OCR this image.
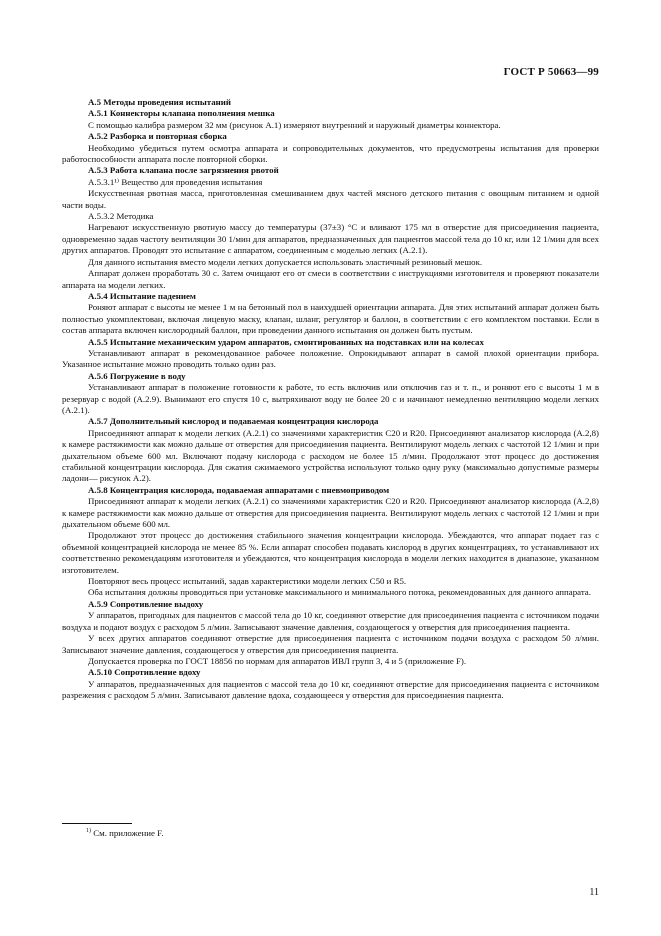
ГОСТ Р 50663—99

А.5 Методы проведения испытаний

А.5.1 Коннекторы клапана пополнения мешка

С помощью калибра размером 32 мм (рисунок А.1) измеряют внутренний и наружный диаметры коннектора.

А.5.2 Разборка и повторная сборка

Необходимо убедиться путем осмотра аппарата и сопроводительных документов, что предусмотрены испытания для проверки работоспособности аппарата после повторной сборки.

А.5.3 Работа клапана после загрязнения рвотой

А.5.3.1¹⁾ Вещество для проведения испытания

Искусственная рвотная масса, приготовленная смешиванием двух частей мясного детского питания с овощным питанием и одной части воды.

А.5.3.2 Методика

Нагревают искусственную рвотную массу до температуры (37±3) °С и вливают 175 мл в отверстие для присоединения пациента, одновременно задав частоту вентиляции 30 1/мин для аппаратов, предназначенных для пациентов массой тела до 10 кг, или 12 1/мин для всех других аппаратов. Проводят это испытание с аппаратом, соединенным с моделью легких (А.2.1).

Для данного испытания вместо модели легких допускается использовать эластичный резиновый мешок.

Аппарат должен проработать 30 с. Затем очищают его от смеси в соответствии с инструкциями изготовителя и проверяют показатели аппарата на модели легких.

А.5.4 Испытание падением

Роняют аппарат с высоты не менее 1 м на бетонный пол в наихудшей ориентации аппарата. Для этих испытаний аппарат должен быть полностью укомплектован, включая лицевую маску, клапан, шланг, регулятор и баллон, в соответствии с его комплектом поставки. Если в состав аппарата включен кислородный баллон, при проведении данного испытания он должен быть пустым.

А.5.5 Испытание механическим ударом аппаратов, смонтированных на подставках или на колесах

Устанавливают аппарат в рекомендованное рабочее положение. Опрокидывают аппарат в самой плохой ориентации прибора. Указанное испытание можно проводить только один раз.

А.5.6 Погружение в воду

Устанавливают аппарат в положение готовности к работе, то есть включив или отключив газ и т. п., и роняют его с высоты 1 м в резервуар с водой (А.2.9). Вынимают его спустя 10 с, вытряхивают воду не более 20 с и начинают немедленно вентиляцию модели легких (А.2.1).

А.5.7 Дополнительный кислород и подаваемая концентрация кислорода

Присоединяют аппарат к модели легких (А.2.1) со значениями характеристик C20 и R20. Присоединяют анализатор кислорода (А.2,8) к камере растяжимости как можно дальше от отверстия для присоединения пациента. Вентилируют модель легких с частотой 12 1/мин и при дыхательном объеме 600 мл. Включают подачу кислорода с расходом не более 15 л/мин. Продолжают этот процесс до достижения стабильной концентрации кислорода. Для сжатия сжимаемого устройства используют только одну руку (максимально допустимые размеры ладони— рисунок А.2).

А.5.8 Концентрация кислорода, подаваемая аппаратами с пневмоприводом

Присоединяют аппарат к модели легких (А.2.1) со значениями характеристик C20 и R20. Присоединяют анализатор кислорода (А.2,8) к камере растяжимости как можно дальше от отверстия для присоединения пациента. Вентилируют модель легких с частотой 12 1/мин и при дыхательном объеме 600 мл.

Продолжают этот процесс до достижения стабильного значения концентрации кислорода. Убеждаются, что аппарат подает газ с объемной концентрацией кислорода не менее 85 %. Если аппарат способен подавать кислород в других концентрациях, то устанавливают их соответственно рекомендациям изготовителя и убеждаются, что концентрация кислорода в модели легких находится в диапазоне, указанном изготовителем.

Повторяют весь процесс испытаний, задав характеристики модели легких C50 и R5.

Оба испытания должны проводиться при установке максимального и минимального потока, рекомендованных для данного аппарата.

А.5.9 Сопротивление выдоху

У аппаратов, пригодных для пациентов с массой тела до 10 кг, соединяют отверстие для присоединения пациента с источником подачи воздуха и подают воздух с расходом 5 л/мин. Записывают значение давления, создающегося у отверстия для присоединения пациента.

У всех других аппаратов соединяют отверстие для присоединения пациента с источником подачи воздуха с расходом 50 л/мин. Записывают значение давления, создающегося у отверстия для присоединения пациента.

Допускается проверка по ГОСТ 18856 по нормам для аппаратов ИВЛ групп 3, 4 и 5 (приложение F).

А.5.10 Сопротивление вдоху

У аппаратов, предназначенных для пациентов с массой тела до 10 кг, соединяют отверстие для присоединения пациента с источником разрежения с расходом 5 л/мин. Записывают давление вдоха, создающееся у отверстия для присоединения пациента.

$^{1)}$ См. приложение F.
11
